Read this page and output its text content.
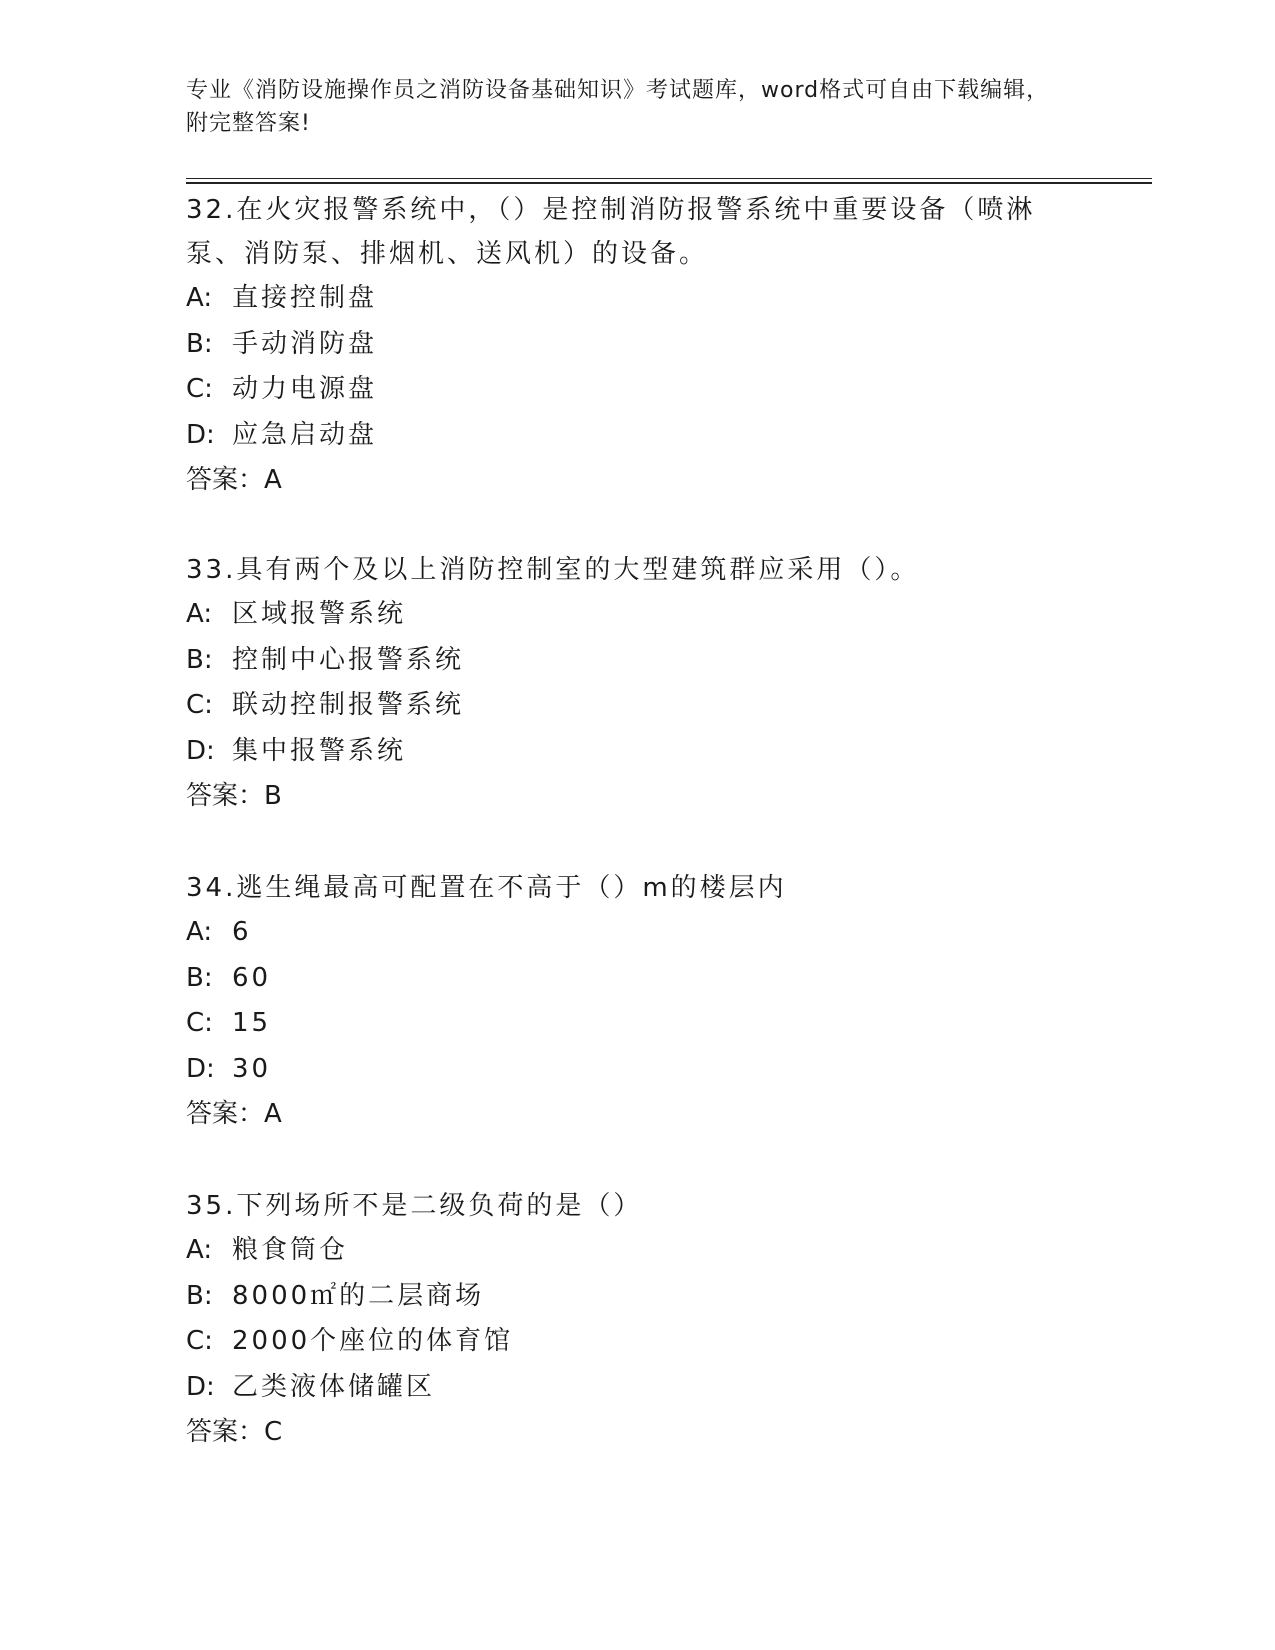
专业《消防设施操作员之消防设备基础知识》考试题库，word格式可自由下载编辑，附完整答案!

32.在火灾报警系统中，（）是控制消防报警系统中重要设备（喷淋泵、消防泵、排烟机、送风机）的设备。

A: 直接控制盘

B: 手动消防盘

C: 动力电源盘

D: 应急启动盘

答案：A

33.具有两个及以上消防控制室的大型建筑群应采用（）。

A: 区域报警系统

B: 控制中心报警系统

C: 联动控制报警系统

D: 集中报警系统

答案：B

34.逃生绳最高可配置在不高于（）m的楼层内

A: 6

B: 60

C: 15

D: 30

答案：A

35.下列场所不是二级负荷的是（）

A: 粮食筒仓

B: 8000㎡的二层商场

C: 2000个座位的体育馆

D: 乙类液体储罐区

答案：C
